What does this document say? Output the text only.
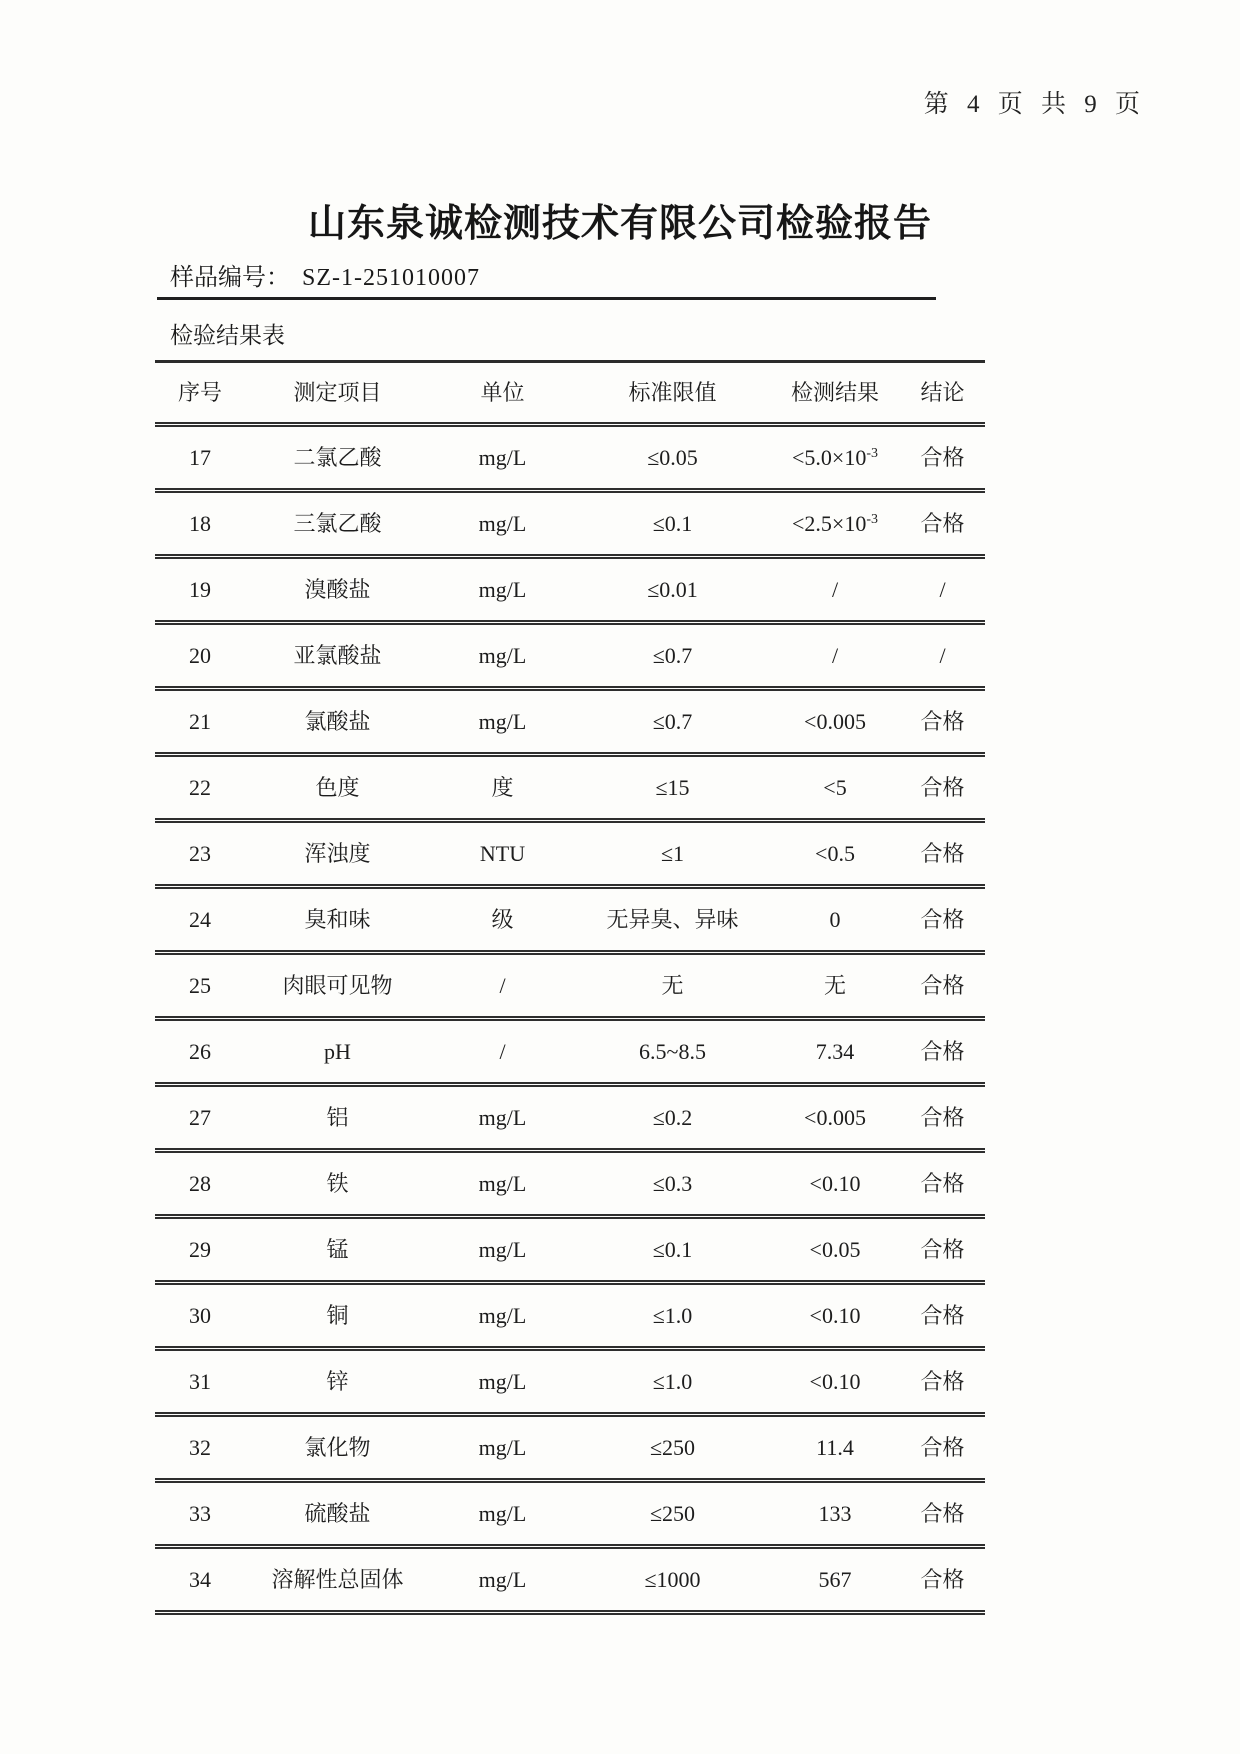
第 4 页 共 9 页
山东泉诚检测技术有限公司检验报告
样品编号： SZ-1-251010007
检验结果表
序号	测定项目	单位	标准限值	检测结果	结论
17	二氯乙酸	mg/L	≤0.05	$<5.0\times 10^{-3}$	合格
18	三氯乙酸	mg/L	≤0.1	$<2.5\times 10^{-3}$	合格
19	溴酸盐	mg/L	≤0.01	/	/
20	亚氯酸盐	mg/L	≤0.7	/	/
21	氯酸盐	mg/L	≤0.7	<0.005	合格
22	色度	度	≤15	<5	合格
23	浑浊度	NTU	≤1	<0.5	合格
24	臭和味	级	无异臭、异味	0	合格
25	肉眼可见物	/	无	无	合格
26	pH	/	6.5~8.5	7.34	合格
27	铝	mg/L	≤0.2	<0.005	合格
28	铁	mg/L	≤0.3	<0.10	合格
29	锰	mg/L	≤0.1	<0.05	合格
30	铜	mg/L	≤1.0	<0.10	合格
31	锌	mg/L	≤1.0	<0.10	合格
32	氯化物	mg/L	≤250	11.4	合格
33	硫酸盐	mg/L	≤250	133	合格
34	溶解性总固体	mg/L	≤1000	567	合格
